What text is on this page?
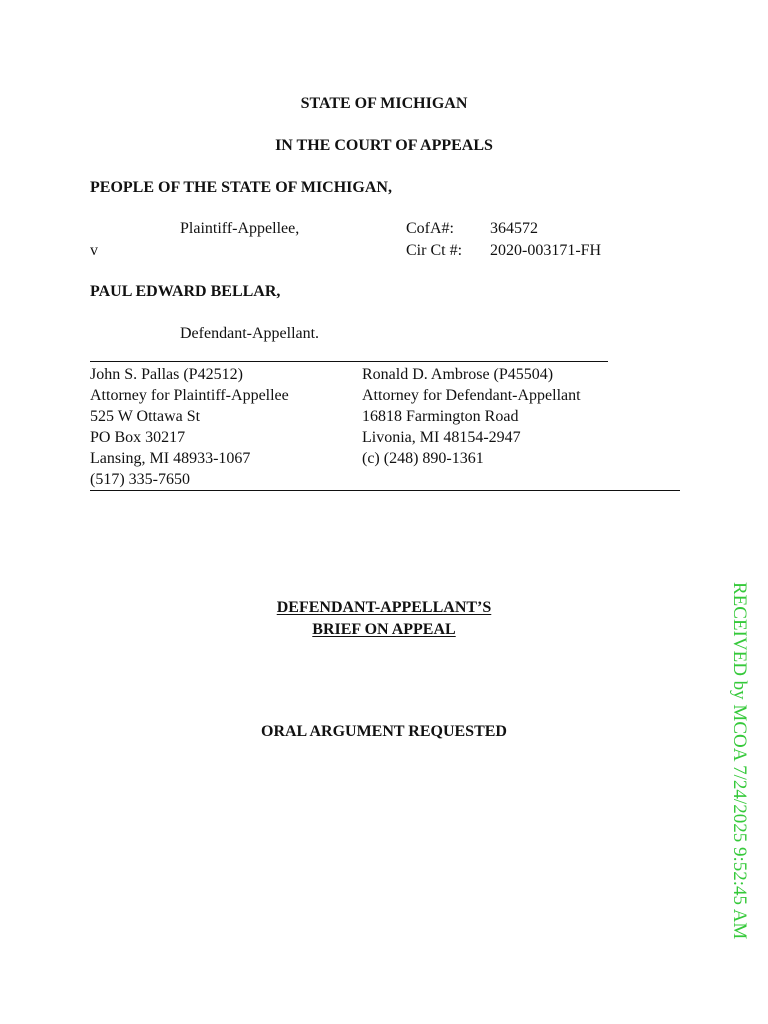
STATE OF MICHIGAN
IN THE COURT OF APPEALS
PEOPLE OF THE STATE OF MICHIGAN,
Plaintiff-Appellee,
v
CofA#: 364572
Cir Ct #: 2020-003171-FH
PAUL EDWARD BELLAR,
Defendant-Appellant.
John S. Pallas (P42512)
Attorney for Plaintiff-Appellee
525 W Ottawa St
PO Box 30217
Lansing, MI 48933-1067
(517) 335-7650
Ronald D. Ambrose (P45504)
Attorney for Defendant-Appellant
16818 Farmington Road
Livonia, MI 48154-2947
(c) (248) 890-1361
DEFENDANT-APPELLANT’S
BRIEF ON APPEAL
ORAL ARGUMENT REQUESTED	RECEIVED by MCOA 7/24/2025 9:52:45 AM
